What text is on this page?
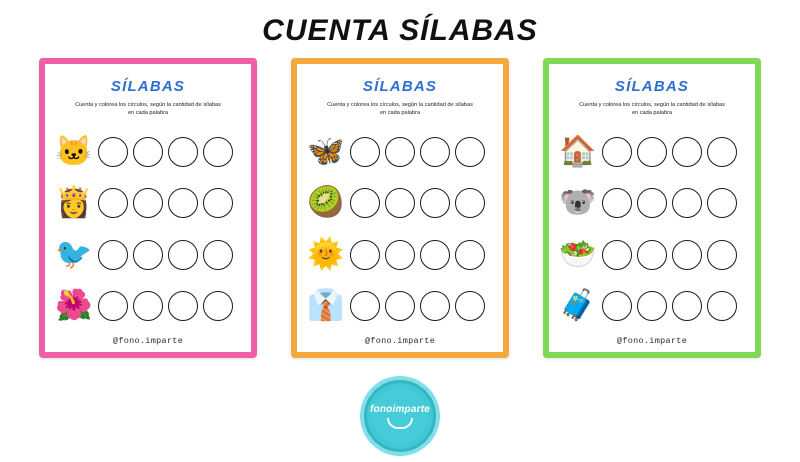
CUENTA SÍLABAS
SÍLABAS
Cuenta y colorea los círculos, según la cantidad de sílabas
en cada palabra
🐱
👸
🐦
🌺
@fono.imparte
SÍLABAS
Cuenta y colorea los círculos, según la cantidad de sílabas
en cada palabra
🦋
🥝
🌞
👔
@fono.imparte
SÍLABAS
Cuenta y colorea los círculos, según la cantidad de sílabas
en cada palabra
🏠
🐨
🥗
🧳
@fono.imparte
fonoimparte
